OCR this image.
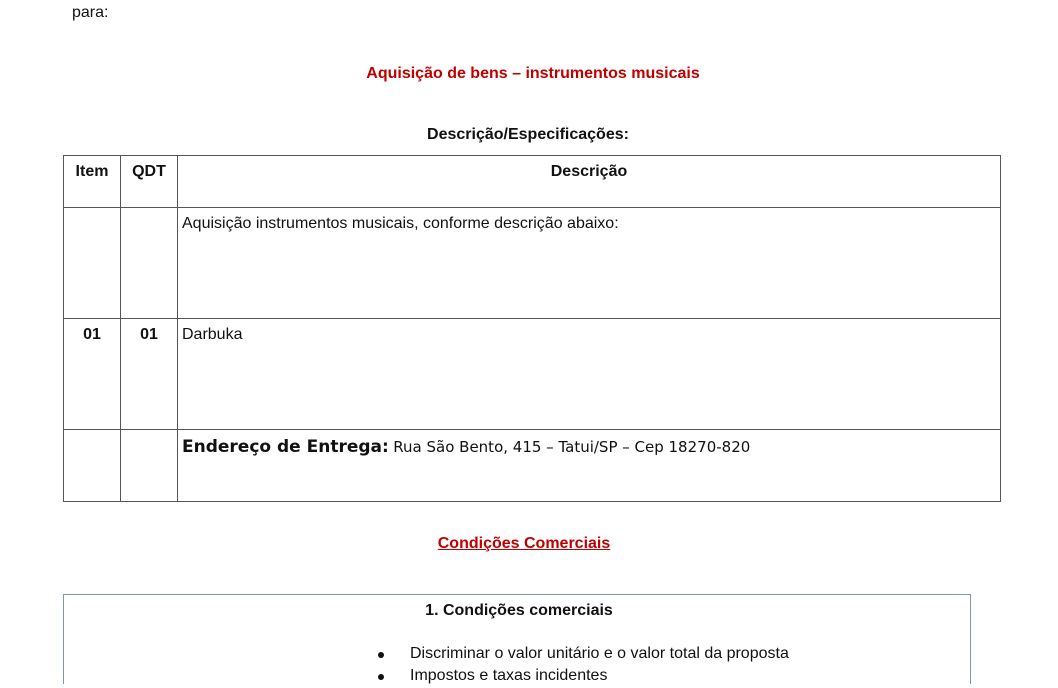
para:
Aquisição de bens – instrumentos musicais
Descrição/Especificações:
Item	QDT	Descrição
		Aquisição instrumentos musicais, conforme descrição abaixo:
01	01	Darbuka
		Endereço de Entrega: Rua São Bento, 415 – Tatui/SP – Cep 18270-820
Condições Comerciais
1. Condições comerciais
Discriminar o valor unitário e o valor total da proposta
Impostos e taxas incidentes
